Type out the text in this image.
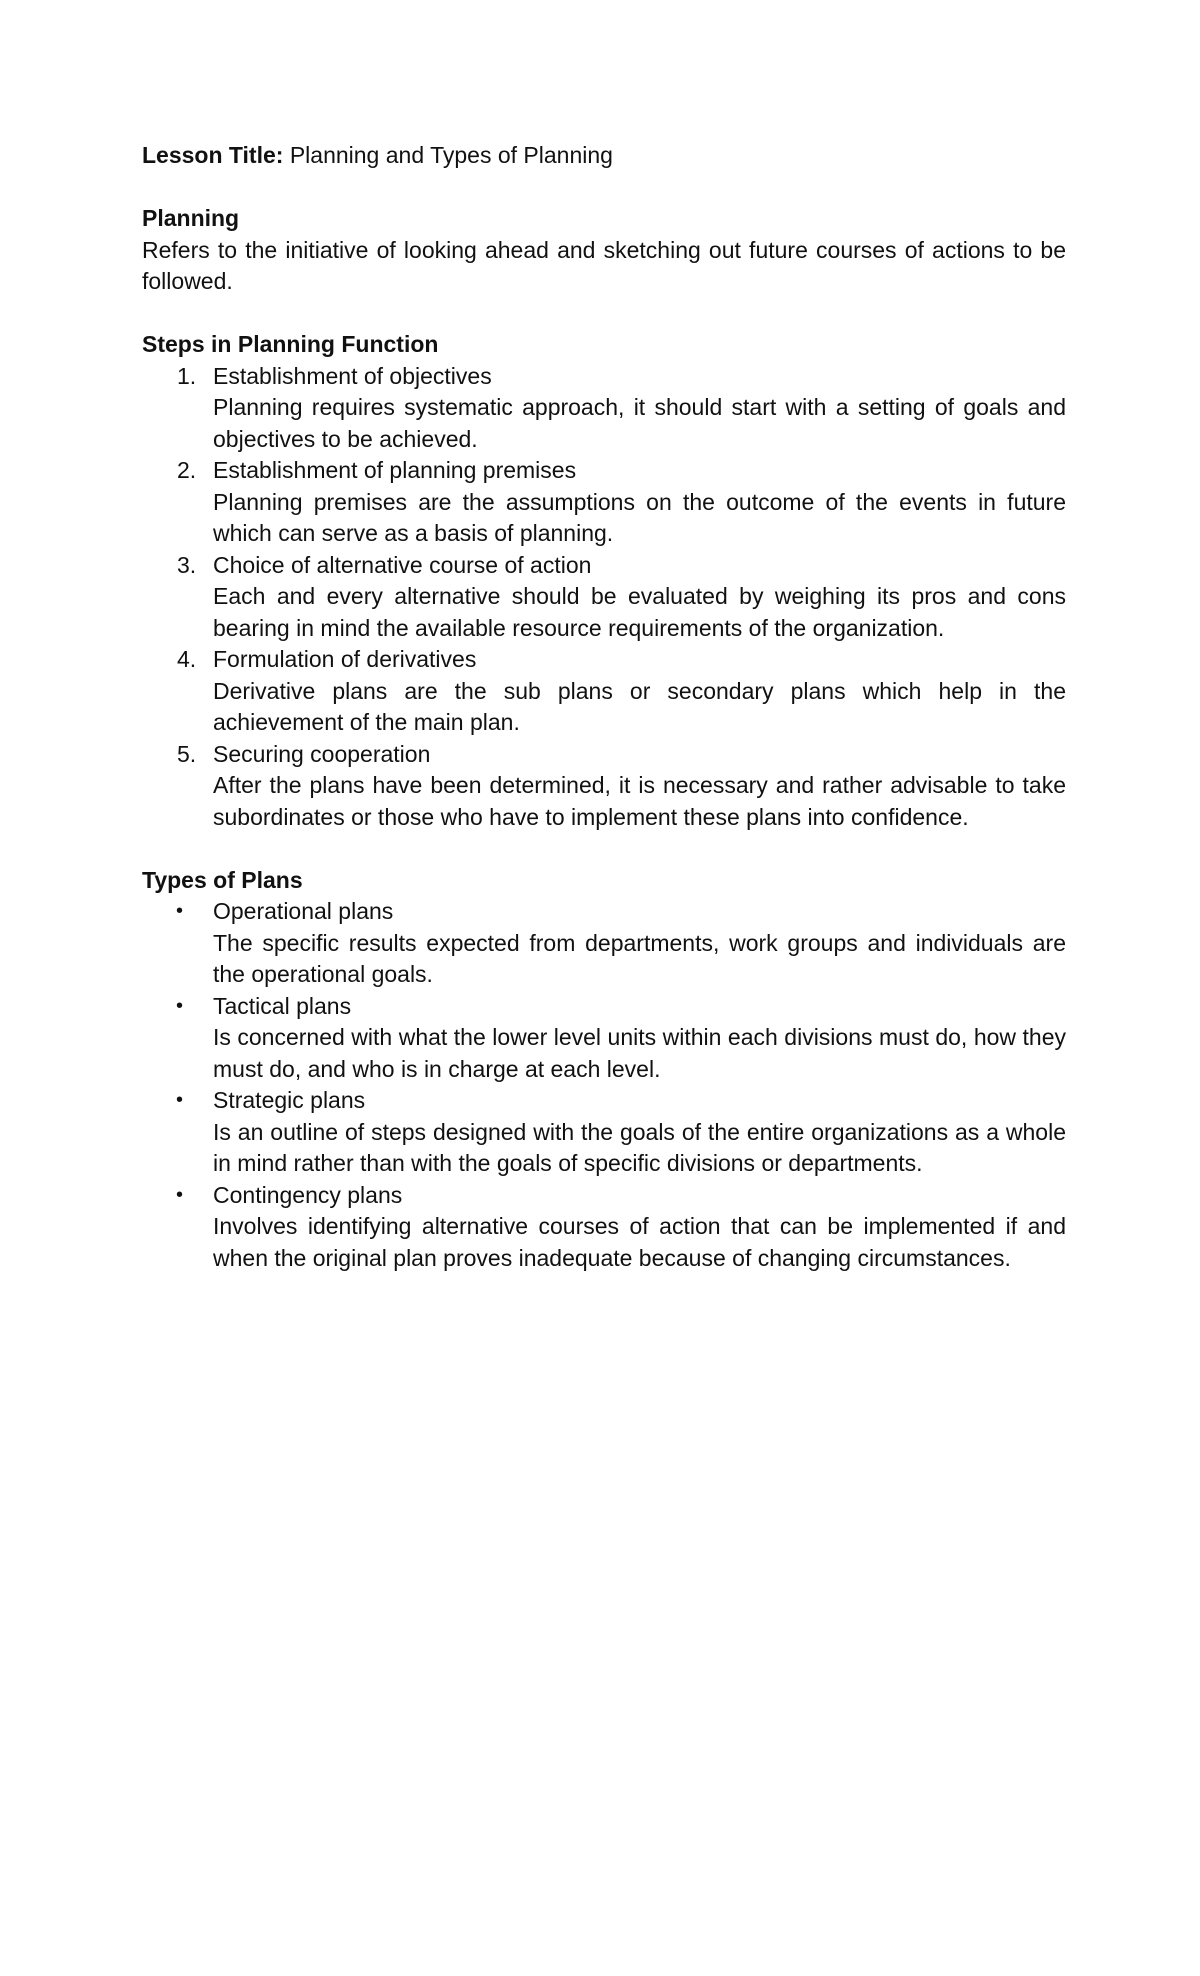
Lesson Title: Planning and Types of Planning

Planning

Refers to the initiative of looking ahead and sketching out future courses of actions to be followed.

Steps in Planning Function

1. Establishment of objectives
Planning requires systematic approach, it should start with a setting of goals and objectives to be achieved.
2. Establishment of planning premises
Planning premises are the assumptions on the outcome of the events in future which can serve as a basis of planning.
3. Choice of alternative course of action
Each and every alternative should be evaluated by weighing its pros and cons bearing in mind the available resource requirements of the organization.
4. Formulation of derivatives
Derivative plans are the sub plans or secondary plans which help in the achievement of the main plan.
5. Securing cooperation
After the plans have been determined, it is necessary and rather advisable to take subordinates or those who have to implement these plans into confidence.

Types of Plans

•	Operational plans
The specific results expected from departments, work groups and individuals are the operational goals.
•	Tactical plans
Is concerned with what the lower level units within each divisions must do, how they must do, and who is in charge at each level.
•	Strategic plans
Is an outline of steps designed with the goals of the entire organizations as a whole in mind rather than with the goals of specific divisions or departments.
•	Contingency plans
Involves identifying alternative courses of action that can be implemented if and when the original plan proves inadequate because of changing circumstances.
